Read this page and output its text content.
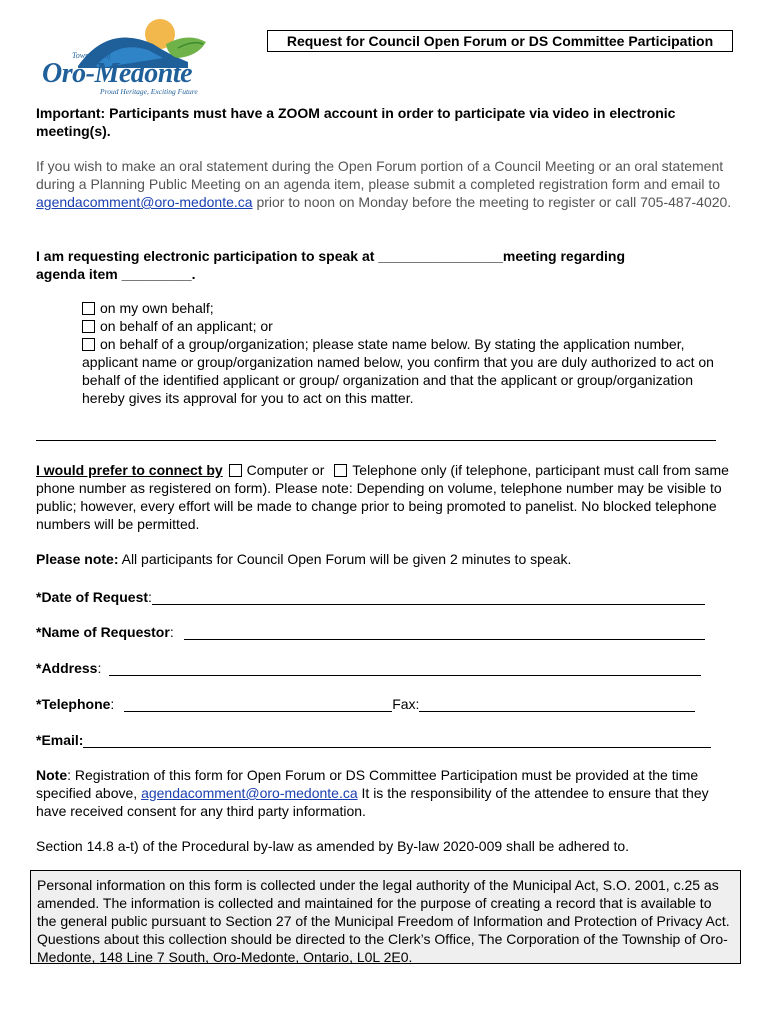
Township of
Oro-Medonte
Proud Heritage, Exciting Future
Request for Council Open Forum or DS Committee Participation
Important: Participants must have a ZOOM account in order to participate via video in electronic meeting(s).
If you wish to make an oral statement during the Open Forum portion of a Council Meeting or an oral statement during a Planning Public Meeting on an agenda item, please submit a completed registration form and email to agendacomment@oro-medonte.ca prior to noon on Monday before the meeting to register or call 705-487-4020.
I am requesting electronic participation to speak at ________________meeting regarding
agenda item _________.
on my own behalf;
on behalf of an applicant; or
on behalf of a group/organization; please state name below. By stating the application number, applicant name or group/organization named below, you confirm that you are duly authorized to act on behalf of the identified applicant or group/ organization and that the applicant or group/organization hereby gives its approval for you to act on this matter.
I would prefer to connect by Computer or Telephone only (if telephone, participant must call from same phone number as registered on form). Please note: Depending on volume, telephone number may be visible to public; however, every effort will be made to change prior to being promoted to panelist. No blocked telephone numbers will be permitted.
Please note: All participants for Council Open Forum will be given 2 minutes to speak.
*Date of Request:
*Name of Requestor:
*Address:
*Telephone:	Fax:
*Email:
Note: Registration of this form for Open Forum or DS Committee Participation must be provided at the time specified above, agendacomment@oro-medonte.ca It is the responsibility of the attendee to ensure that they have received consent for any third party information.
Section 14.8 a-t) of the Procedural by-law as amended by By-law 2020-009 shall be adhered to.
Personal information on this form is collected under the legal authority of the Municipal Act, S.O. 2001, c.25 as amended. The information is collected and maintained for the purpose of creating a record that is available to the general public pursuant to Section 27 of the Municipal Freedom of Information and Protection of Privacy Act. Questions about this collection should be directed to the Clerk’s Office, The Corporation of the Township of Oro-Medonte, 148 Line 7 South, Oro-Medonte, Ontario, L0L 2E0.
